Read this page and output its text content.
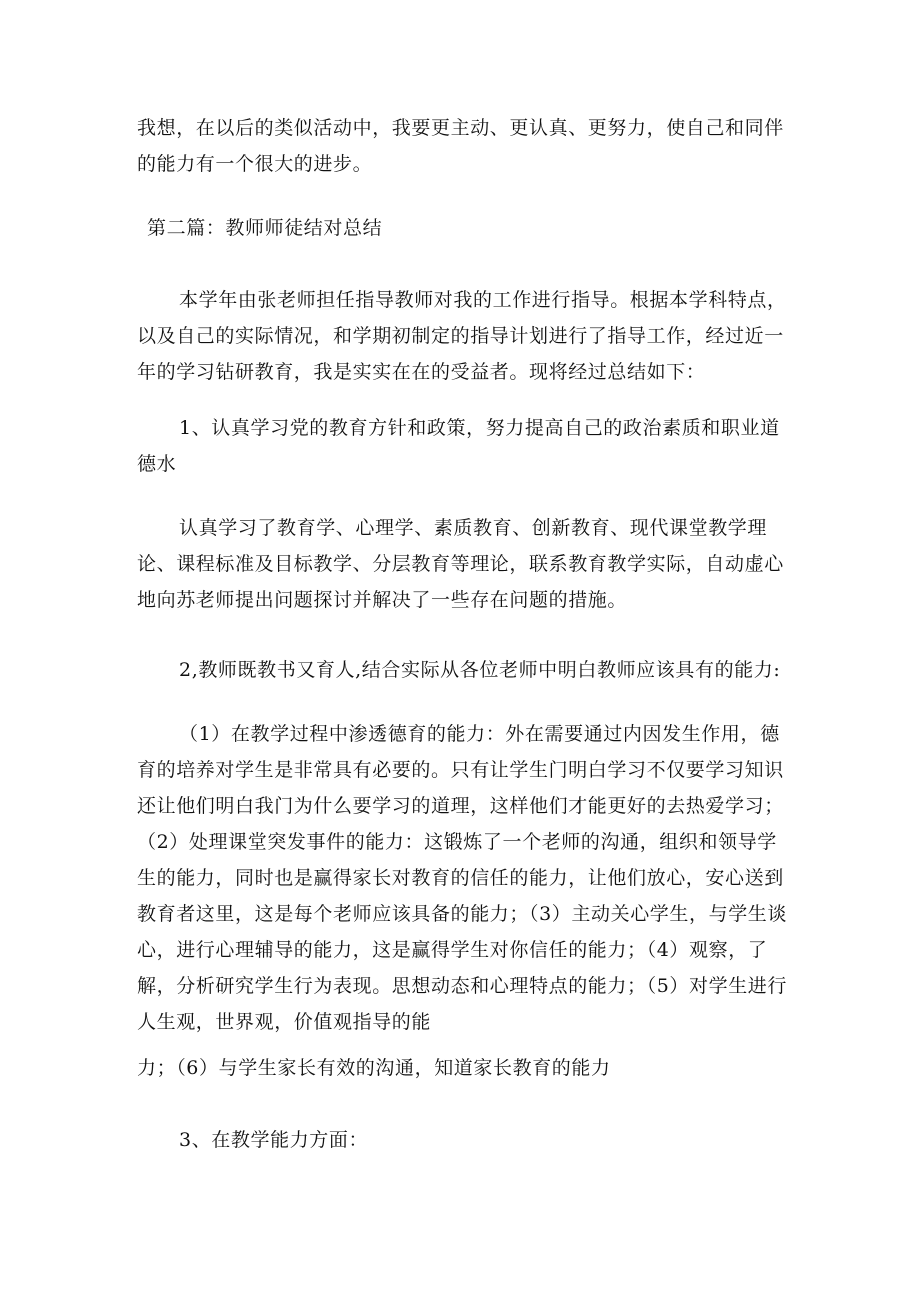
我想，在以后的类似活动中，我要更主动、更认真、更努力，使自己和同伴的能力有一个很大的进步。

第二篇：教师师徒结对总结

本学年由张老师担任指导教师对我的工作进行指导。根据本学科特点，以及自己的实际情况，和学期初制定的指导计划进行了指导工作，经过近一年的学习钻研教育，我是实实在在的受益者。现将经过总结如下：

1、认真学习党的教育方针和政策，努力提高自己的政治素质和职业道德水

认真学习了教育学、心理学、素质教育、创新教育、现代课堂教学理论、课程标准及目标教学、分层教育等理论，联系教育教学实际，自动虚心地向苏老师提出问题探讨并解决了一些存在问题的措施。

2,教师既教书又育人,结合实际从各位老师中明白教师应该具有的能力:

（1）在教学过程中渗透德育的能力：外在需要通过内因发生作用，德育的培养对学生是非常具有必要的。只有让学生门明白学习不仅要学习知识还让他们明白我门为什么要学习的道理，这样他们才能更好的去热爱学习；（2）处理课堂突发事件的能力：这锻炼了一个老师的沟通，组织和领导学生的能力，同时也是赢得家长对教育的信任的能力，让他们放心，安心送到教育者这里，这是每个老师应该具备的能力；（3）主动关心学生，与学生谈心，进行心理辅导的能力，这是赢得学生对你信任的能力；（4）观察，了解，分析研究学生行为表现。思想动态和心理特点的能力；（5）对学生进行人生观，世界观，价值观指导的能

力；（6）与学生家长有效的沟通，知道家长教育的能力

3、在教学能力方面：
